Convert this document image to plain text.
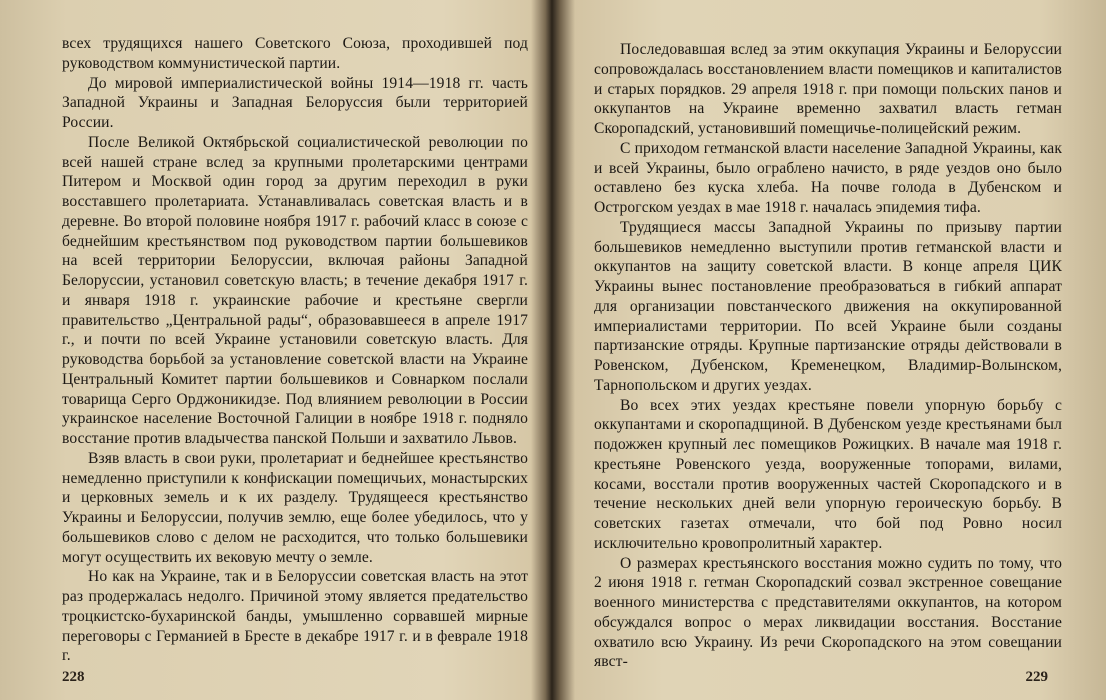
всех трудящихся нашего Советского Союза, проходившей под руководством коммунистической партии.

До мировой империалистической войны 1914—1918 гг. часть Западной Украины и Западная Белоруссия были территорией России.

После Великой Октябрьской социалистической революции по всей нашей стране вслед за крупными пролетарскими центрами Питером и Москвой один город за другим переходил в руки восставшего пролетариата. Устанавливалась советская власть и в деревне. Во второй половине ноября 1917 г. рабочий класс в союзе с беднейшим крестьянством под руководством партии большевиков на всей территории Белоруссии, включая районы Западной Белоруссии, установил советскую власть; в течение декабря 1917 г. и января 1918 г. украинские рабочие и крестьяне свергли правительство „Центральной рады“, образовавшееся в апреле 1917 г., и почти по всей Украине установили советскую власть. Для руководства борьбой за установление советской власти на Украине Центральный Комитет партии большевиков и Совнарком послали товарища Серго Орджоникидзе. Под влиянием революции в России украинское население Восточной Галиции в ноябре 1918 г. подняло восстание против владычества панской Польши и захватило Львов.

Взяв власть в свои руки, пролетариат и беднейшее крестьянство немедленно приступили к конфискации помещичьих, монастырских и церковных земель и к их разделу. Трудящееся крестьянство Украины и Белоруссии, получив землю, еще более убедилось, что у большевиков слово с делом не расходится, что только большевики могут осуществить их вековую мечту о земле.

Но как на Украине, так и в Белоруссии советская власть на этот раз продержалась недолго. Причиной этому является предательство троцкистско-бухаринской банды, умышленно сорвавшей мирные переговоры с Германией в Бресте в декабре 1917 г. и в феврале 1918 г.

228

Последовавшая вслед за этим оккупация Украины и Белоруссии сопровождалась восстановлением власти помещиков и капиталистов и старых порядков. 29 апреля 1918 г. при помощи польских панов и оккупантов на Украине временно захватил власть гетман Скоропадский, установивший помещичье-полицейский режим.

С приходом гетманской власти население Западной Украины, как и всей Украины, было ограблено начисто, в ряде уездов оно было оставлено без куска хлеба. На почве голода в Дубенском и Острогском уездах в мае 1918 г. началась эпидемия тифа.

Трудящиеся массы Западной Украины по призыву партии большевиков немедленно выступили против гетманской власти и оккупантов на защиту советской власти. В конце апреля ЦИК Украины вынес постановление преобразоваться в гибкий аппарат для организации повстанческого движения на оккупированной империалистами территории. По всей Украине были созданы партизанские отряды. Крупные партизанские отряды действовали в Ровенском, Дубенском, Кременецком, Владимир-Волынском, Тарнопольском и других уездах.

Во всех этих уездах крестьяне повели упорную борьбу с оккупантами и скоропадщиной. В Дубенском уезде крестьянами был подожжен крупный лес помещиков Рожицких. В начале мая 1918 г. крестьяне Ровенского уезда, вооруженные топорами, вилами, косами, восстали против вооруженных частей Скоропадского и в течение нескольких дней вели упорную героическую борьбу. В советских газетах отмечали, что бой под Ровно носил исключительно кровопролитный характер.

О размерах крестьянского восстания можно судить по тому, что 2 июня 1918 г. гетман Скоропадский созвал экстренное совещание военного министерства с представителями оккупантов, на котором обсуждался вопрос о мерах ликвидации восстания. Восстание охватило всю Украину. Из речи Скоропадского на этом совещании явст-

229
